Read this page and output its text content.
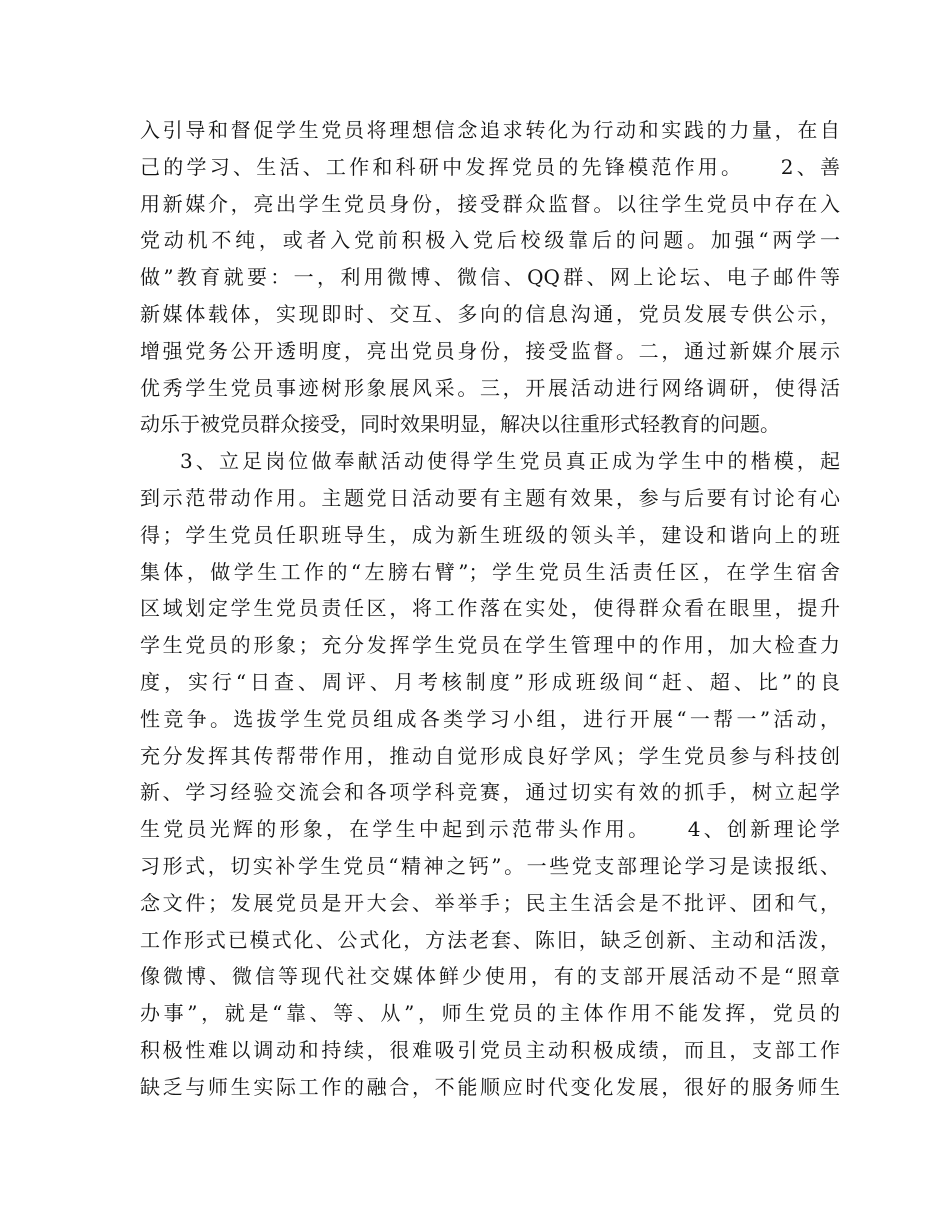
入引导和督促学生党员将理想信念追求转化为行动和实践的力量，在自
己的学习、生活、工作和科研中发挥党员的先锋模范作用。　　2、善
用新媒介，亮出学生党员身份，接受群众监督。以往学生党员中存在入
党动机不纯，或者入党前积极入党后校级靠后的问题。加强“两学一
做”教育就要：一，利用微博、微信、QQ群、网上论坛、电子邮件等
新媒体载体，实现即时、交互、多向的信息沟通，党员发展专供公示，
增强党务公开透明度，亮出党员身份，接受监督。二，通过新媒介展示
优秀学生党员事迹树形象展风采。三，开展活动进行网络调研，使得活
动乐于被党员群众接受，同时效果明显，解决以往重形式轻教育的问题。
3、立足岗位做奉献活动使得学生党员真正成为学生中的楷模，起
到示范带动作用。主题党日活动要有主题有效果，参与后要有讨论有心
得；学生党员任职班导生，成为新生班级的领头羊，建设和谐向上的班
集体，做学生工作的“左膀右臂”；学生党员生活责任区，在学生宿舍
区域划定学生党员责任区，将工作落在实处，使得群众看在眼里，提升
学生党员的形象；充分发挥学生党员在学生管理中的作用，加大检查力
度，实行“日查、周评、月考核制度”形成班级间“赶、超、比”的良
性竞争。选拔学生党员组成各类学习小组，进行开展“一帮一”活动，
充分发挥其传帮带作用，推动自觉形成良好学风；学生党员参与科技创
新、学习经验交流会和各项学科竞赛，通过切实有效的抓手，树立起学
生党员光辉的形象，在学生中起到示范带头作用。　　4、创新理论学
习形式，切实补学生党员“精神之钙”。一些党支部理论学习是读报纸、
念文件；发展党员是开大会、举举手；民主生活会是不批评、团和气，
工作形式已模式化、公式化，方法老套、陈旧，缺乏创新、主动和活泼，
像微博、微信等现代社交媒体鲜少使用，有的支部开展活动不是“照章
办事”，就是“靠、等、从”，师生党员的主体作用不能发挥，党员的
积极性难以调动和持续，很难吸引党员主动积极成绩，而且，支部工作
缺乏与师生实际工作的融合，不能顺应时代变化发展，很好的服务师生
